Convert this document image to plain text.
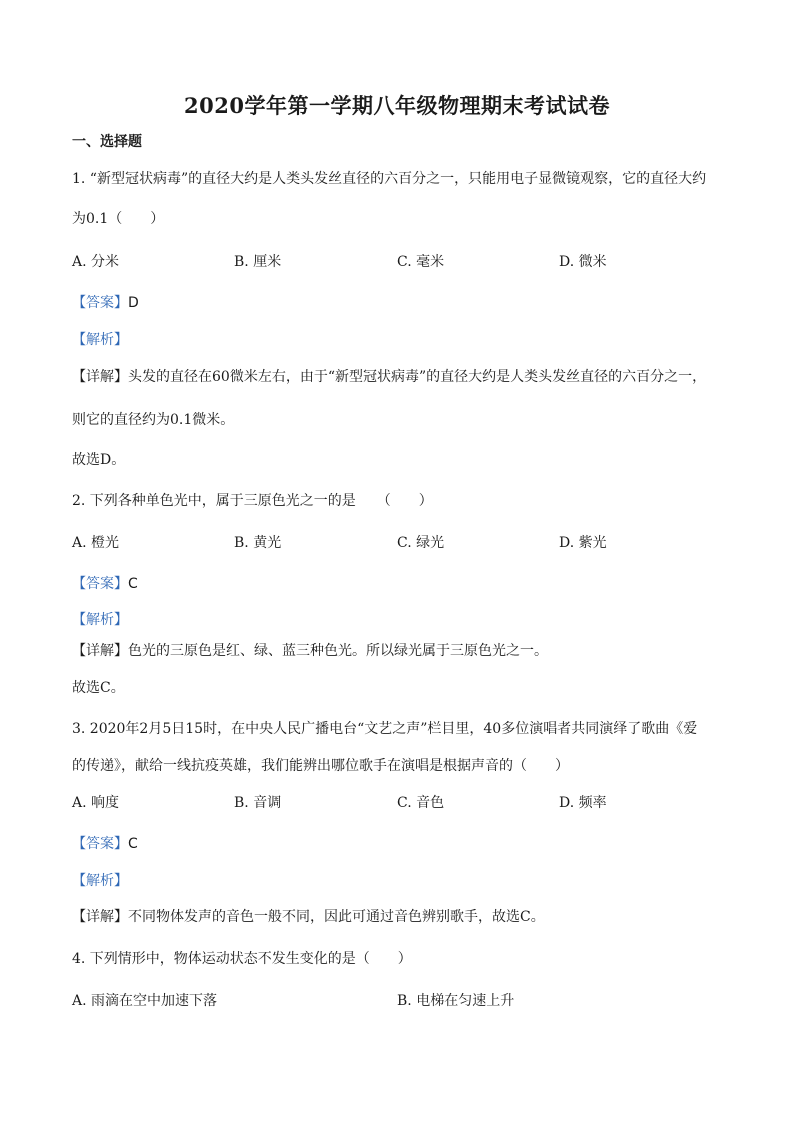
2020学年第一学期八年级物理期末考试试卷
一、选择题
1. “新型冠状病毒”的直径大约是人类头发丝直径的六百分之一，只能用电子显微镜观察，它的直径大约
为0.1（　　）
A. 分米	B. 厘米	C. 毫米	D. 微米
【答案】D
【解析】
【详解】头发的直径在60微米左右，由于“新型冠状病毒”的直径大约是人类头发丝直径的六百分之一，
则它的直径约为0.1微米。
故选D。
2. 下列各种单色光中，属于三原色光之一的是　　（　　）
A. 橙光	B. 黄光	C. 绿光	D. 紫光
【答案】C
【解析】
【详解】色光的三原色是红、绿、蓝三种色光。所以绿光属于三原色光之一。
故选C。
3. 2020年2月5日15时，在中央人民广播电台“文艺之声”栏目里，40多位演唱者共同演绎了歌曲《爱
的传递》，献给一线抗疫英雄，我们能辨出哪位歌手在演唱是根据声音的（　　）
A. 响度	B. 音调	C. 音色	D. 频率
【答案】C
【解析】
【详解】不同物体发声的音色一般不同，因此可通过音色辨别歌手，故选C。
4. 下列情形中，物体运动状态不发生变化的是（　　）
A. 雨滴在空中加速下落	B. 电梯在匀速上升
